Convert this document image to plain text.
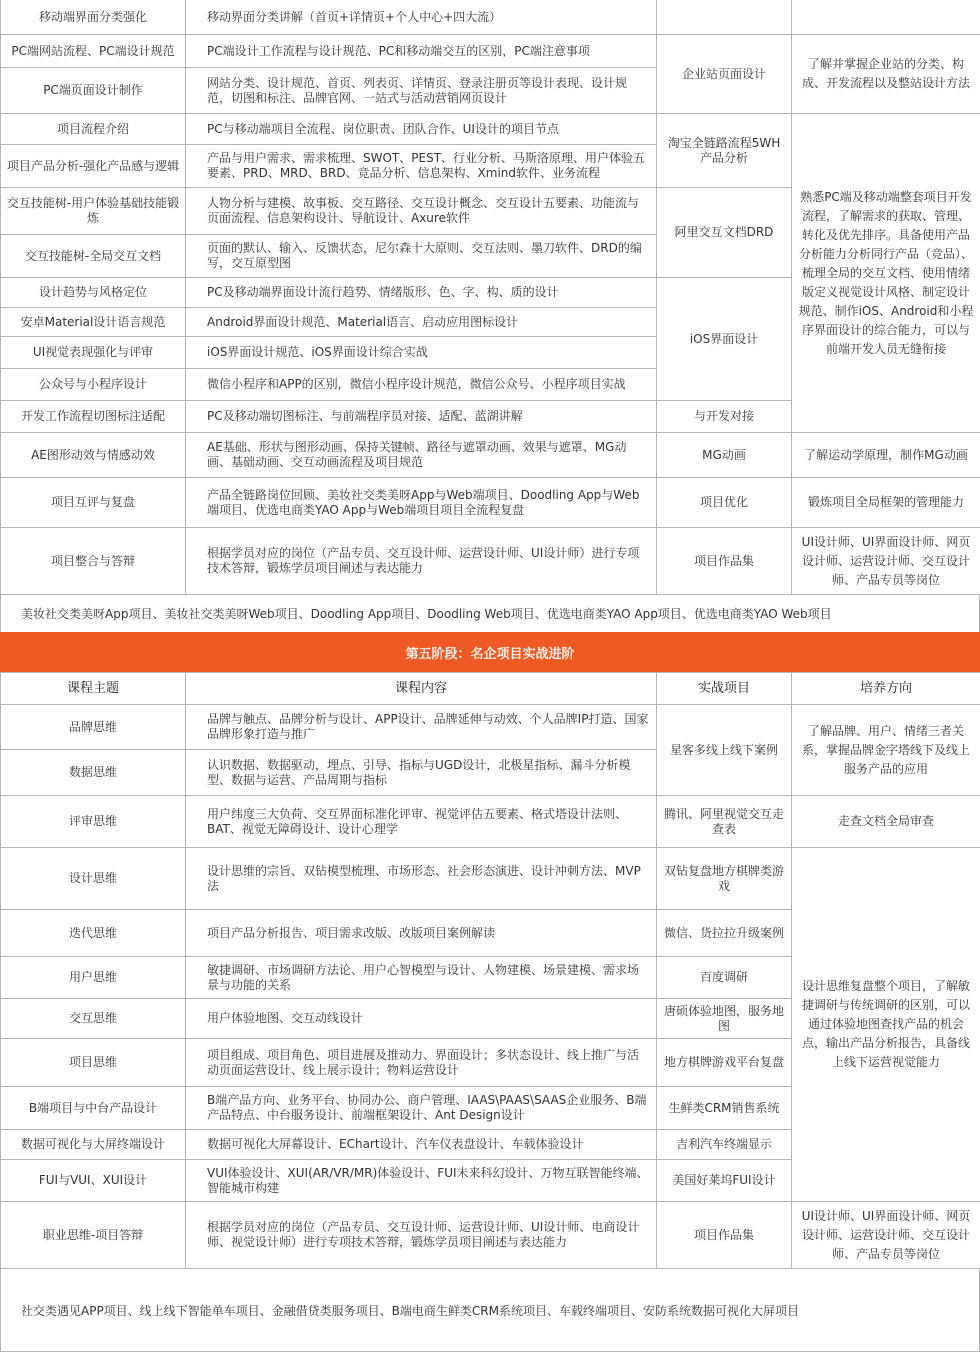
移动端界面分类强化	移动界面分类讲解（首页+详情页+个人中心+四大流）		
PC端网站流程、PC端设计规范	PC端设计工作流程与设计规范、PC和移动端交互的区别，PC端注意事项	企业站页面设计	了解并掌握企业站的分类、构成、开发流程以及整站设计方法
PC端页面设计制作	网站分类、设计规范、首页、列表页、详情页、登录注册页等设计表现、设计规范，切图和标注、品牌官网、一站式与活动营销网页设计		
项目流程介绍	PC与移动端项目全流程、岗位职责、团队合作、UI设计的项目节点	淘宝全链路流程5WH产品分析	熟悉PC端及移动端整套项目开发流程，了解需求的获取、管理、转化及优先排序。具备使用产品分析能力分析同行产品（竞品）、梳理全局的交互文档、使用情绪版定义视觉设计风格、制定设计规范、制作iOS、Android和小程序界面设计的综合能力，可以与前端开发人员无缝衔接
项目产品分析-强化产品感与逻辑	产品与用户需求、需求梳理、SWOT、PEST、行业分析、马斯洛原理、用户体验五要素、PRD、MRD、BRD、竞品分析、信息架构、Xmind软件、业务流程		
交互技能树-用户体验基础技能锻炼	人物分析与建模、故事板、交互路径、交互设计概念、交互设计五要素、功能流与页面流程、信息架构设计、导航设计、Axure软件	阿里交互文档DRD	
交互技能树-全局交互文档	页面的默认、输入、反馈状态，尼尔森十大原则、交互法则、墨刀软件、DRD的编写，交互原型图		
设计趋势与风格定位	PC及移动端界面设计流行趋势、情绪版形、色、字、构、质的设计	iOS界面设计	
安卓Material设计语言规范	Android界面设计规范、Material语言、启动应用图标设计		
UI视觉表现强化与评审	iOS界面设计规范、iOS界面设计综合实战		
公众号与小程序设计	微信小程序和APP的区别，微信小程序设计规范，微信公众号、小程序项目实战		
开发工作流程切图标注适配	PC及移动端切图标注、与前端程序员对接、适配、蓝湖讲解	与开发对接	
AE图形动效与情感动效	AE基础、形状与图形动画、保持关键帧、路径与遮罩动画、效果与遮罩、MG动画、基础动画、交互动画流程及项目规范	MG动画	了解运动学原理，制作MG动画
项目互评与复盘	产品全链路岗位回顾、美妆社交类美呀App与Web端项目、Doodling App与Web端项目、优选电商类YAO App与Web端项目项目全流程复盘	项目优化	锻炼项目全局框架的管理能力
项目整合与答辩	根据学员对应的岗位（产品专员、交互设计师、运营设计师、UI设计师）进行专项技术答辩，锻炼学员项目阐述与表达能力	项目作品集	UI设计师、UI界面设计师、网页设计师、运营设计师、交互设计师、产品专员等岗位
美妆社交类美呀App项目、美妆社交类美呀Web项目、Doodling App项目、Doodling Web项目、优选电商类YAO App项目、优选电商类YAO Web项目
第五阶段：名企项目实战进阶
课程主题	课程内容	实战项目	培养方向
品牌思维	品牌与触点、品牌分析与设计、APP设计、品牌延伸与动效、个人品牌IP打造、国家品牌形象打造与推广	星客多线上线下案例	了解品牌、用户、情绪三者关系，掌握品牌金字塔线下及线上服务产品的应用
数据思维	认识数据、数据驱动，埋点、引导、指标与UGD设计，北极星指标、漏斗分析模型、数据与运营、产品周期与指标		
评审思维	用户纬度三大负荷、交互界面标准化评审、视觉评估五要素、格式塔设计法则、BAT、视觉无障碍设计、设计心理学	腾讯、阿里视觉交互走查表	走查文档全局审查
设计思维	设计思维的宗旨、双钻模型梳理、市场形态、社会形态演进、设计冲刺方法、MVP法	双钻复盘地方棋牌类游戏	设计思维复盘整个项目，了解敏捷调研与传统调研的区别，可以通过体验地图查找产品的机会点，输出产品分析报告，具备线上线下运营视觉能力
迭代思维	项目产品分析报告、项目需求改版、改版项目案例解读	微信、货拉拉升级案例	
用户思维	敏捷调研、市场调研方法论、用户心智模型与设计、人物建模、场景建模、需求场景与功能的关系	百度调研	
交互思维	用户体验地图、交互动线设计	唐硕体验地图，服务地图	
项目思维	项目组成、项目角色、项目进展及推动力、界面设计；多状态设计、线上推广与活动页面运营设计、线上展示设计；物料运营设计	地方棋牌游戏平台复盘	
B端项目与中台产品设计	B端产品方向、业务平台、协同办公、商户管理、IAAS\PAAS\SAAS企业服务、B端产品特点、中台服务设计、前端框架设计、Ant Design设计	生鲜类CRM销售系统	
数据可视化与大屏终端设计	数据可视化大屏幕设计、EChart设计、汽车仪表盘设计、车载体验设计	吉利汽车终端显示	
FUI与VUI、XUI设计	VUI体验设计、XUI(AR/VR/MR)体验设计、FUI未来科幻设计、万物互联智能终端、智能城市构建	美国好莱坞FUI设计	
职业思维-项目答辩	根据学员对应的岗位（产品专员、交互设计师、运营设计师、UI设计师、电商设计师、视觉设计师）进行专项技术答辩，锻炼学员项目阐述与表达能力	项目作品集	UI设计师、UI界面设计师、网页设计师、运营设计师、交互设计师、产品专员等岗位
社交类遇见APP项目、线上线下智能单车项目、金融借贷类服务项目、B端电商生鲜类CRM系统项目、车载终端项目、安防系统数据可视化大屏项目
